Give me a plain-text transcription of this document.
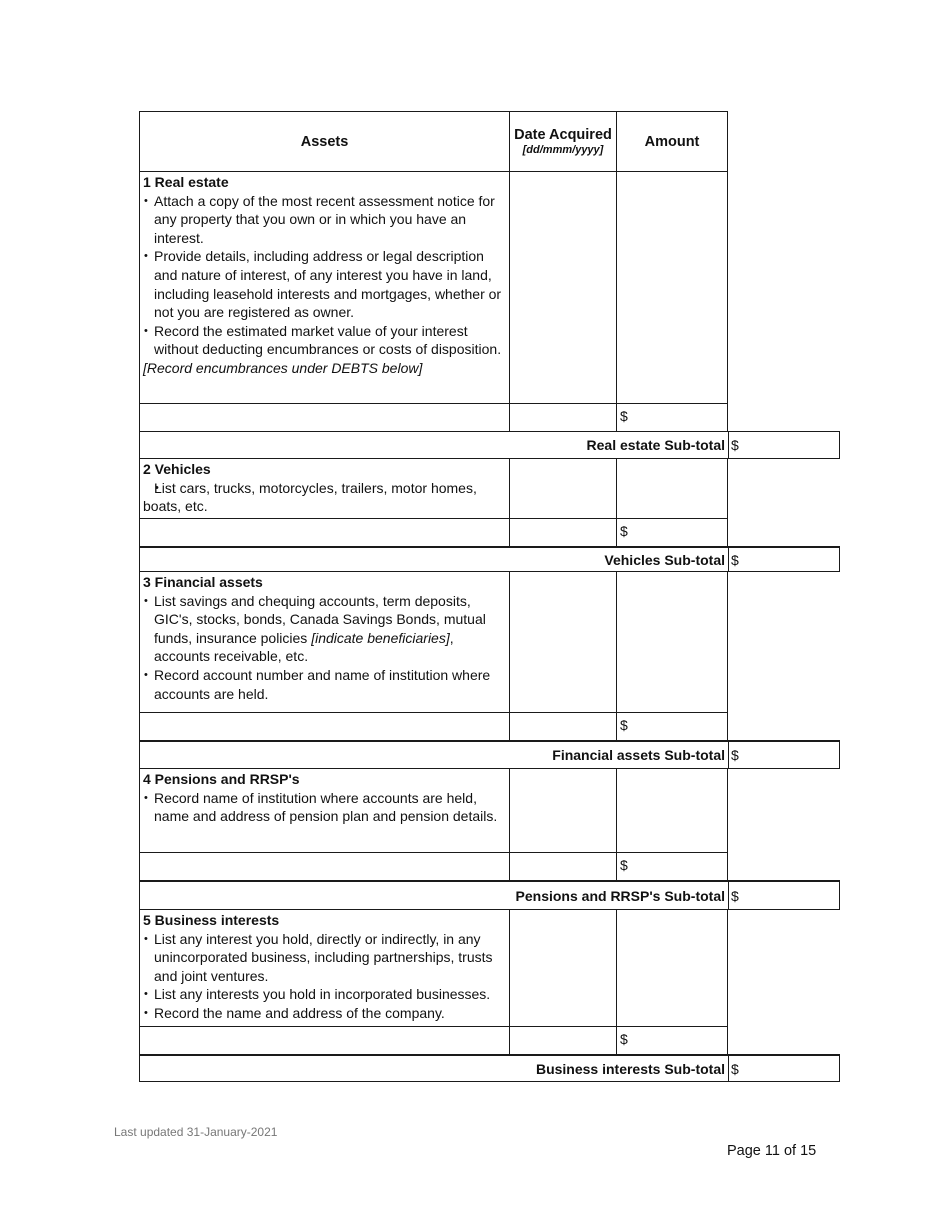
Assets	Date Acquired
[dd/mmm/yyyy]
Amount
1 Real estate
• Attach a copy of the most recent assessment notice for any property that you own or in which you have an interest.
• Provide details, including address or legal description and nature of interest, of any interest you have in land, including leasehold interests and mortgages, whether or not you are registered as owner.
• Record the estimated market value of your interest without deducting encumbrances or costs of disposition.
[Record encumbrances under DEBTS below]
$
Real estate Sub-total $
2 Vehicles
• List cars, trucks, motorcycles, trailers, motor homes, boats, etc.
$
Vehicles Sub-total $
3 Financial assets
• List savings and chequing accounts, term deposits, GIC's, stocks, bonds, Canada Savings Bonds, mutual funds, insurance policies [indicate beneficiaries], accounts receivable, etc.
• Record account number and name of institution where accounts are held.
$
Financial assets Sub-total $
4 Pensions and RRSP's
• Record name of institution where accounts are held, name and address of pension plan and pension details.
$
Pensions and RRSP's Sub-total $
5 Business interests
• List any interest you hold, directly or indirectly, in any unincorporated business, including partnerships, trusts and joint ventures.
• List any interests you hold in incorporated businesses.
• Record the name and address of the company.
$
Business interests Sub-total $
Last updated 31-January-2021
Page 11 of 15
